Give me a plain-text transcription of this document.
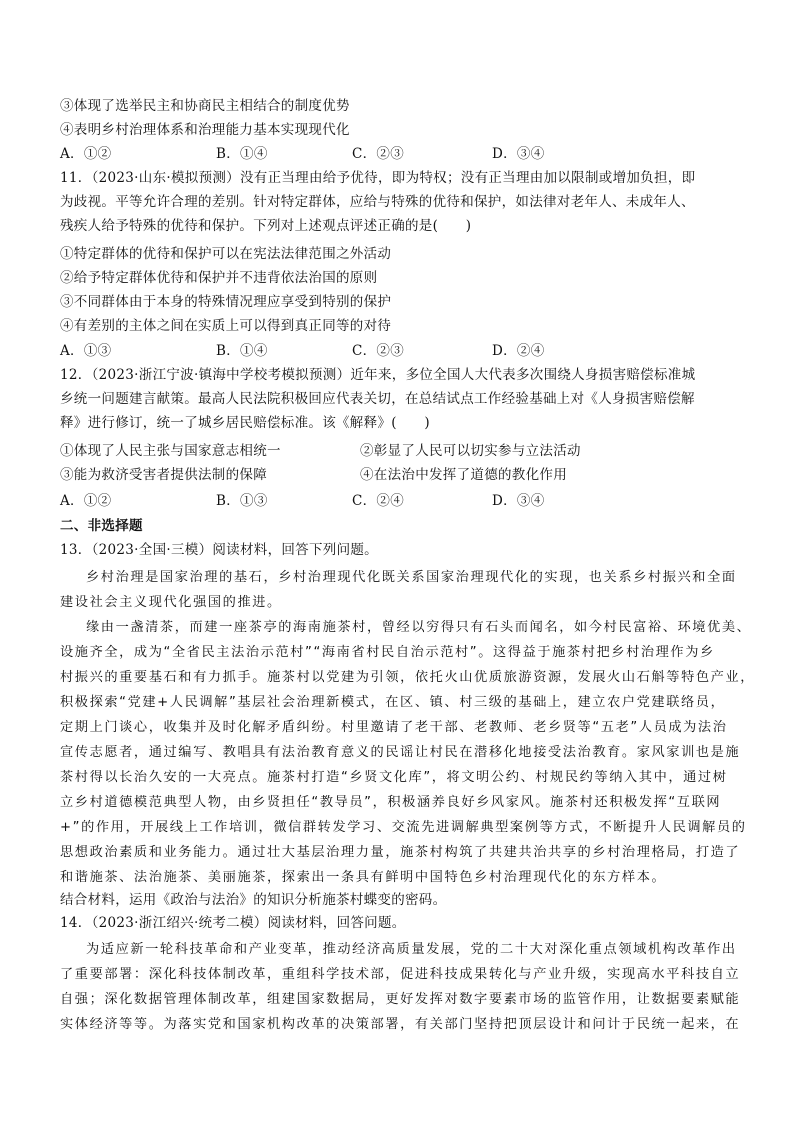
③体现了选举民主和协商民主相结合的制度优势
④表明乡村治理体系和治理能力基本实现现代化
A．①②	B．①④	C．②③	D．③④
11．（2023·山东·模拟预测）没有正当理由给予优待，即为特权；没有正当理由加以限制或增加负担，即
为歧视。平等允许合理的差别。针对特定群体，应给与特殊的优待和保护，如法律对老年人、未成年人、
残疾人给予特殊的优待和保护。下列对上述观点评述正确的是(　　)
①特定群体的优待和保护可以在宪法法律范围之外活动
②给予特定群体优待和保护并不违背依法治国的原则
③不同群体由于本身的特殊情况理应享受到特别的保护
④有差别的主体之间在实质上可以得到真正同等的对待
A．①③	B．①④	C．②③	D．②④
12．（2023·浙江宁波·镇海中学校考模拟预测）近年来，多位全国人大代表多次围绕人身损害赔偿标准城
乡统一问题建言献策。最高人民法院积极回应代表关切，在总结试点工作经验基础上对《人身损害赔偿解
释》进行修订，统一了城乡居民赔偿标准。该《解释》(　　)
①体现了人民主张与国家意志相统一	②彰显了人民可以切实参与立法活动
③能为救济受害者提供法制的保障	④在法治中发挥了道德的教化作用
A．①②	B．①③	C．②④	D．③④
二、非选择题
13．（2023·全国·三模）阅读材料，回答下列问题。
乡村治理是国家治理的基石，乡村治理现代化既关系国家治理现代化的实现，也关系乡村振兴和全面
建设社会主义现代化强国的推进。
缘由一盏清茶，而建一座茶亭的海南施茶村，曾经以穷得只有石头而闻名，如今村民富裕、环境优美、
设施齐全，成为“全省民主法治示范村”“海南省村民自治示范村”。这得益于施茶村把乡村治理作为乡
村振兴的重要基石和有力抓手。施茶村以党建为引领，依托火山优质旅游资源，发展火山石斛等特色产业，
积极探索“党建+人民调解”基层社会治理新模式，在区、镇、村三级的基础上，建立农户党建联络员，
定期上门谈心，收集并及时化解矛盾纠纷。村里邀请了老干部、老教师、老乡贤等“五老”人员成为法治
宣传志愿者，通过编写、教唱具有法治教育意义的民谣让村民在潜移化地接受法治教育。家风家训也是施
茶村得以长治久安的一大亮点。施茶村打造“乡贤文化库”，将文明公约、村规民约等纳入其中，通过树
立乡村道德模范典型人物，由乡贤担任“教导员”，积极涵养良好乡风家风。施茶村还积极发挥“互联网
+”的作用，开展线上工作培训，微信群转发学习、交流先进调解典型案例等方式，不断提升人民调解员的
思想政治素质和业务能力。通过壮大基层治理力量，施茶村构筑了共建共治共享的乡村治理格局，打造了
和谐施茶、法治施茶、美丽施茶，探索出一条具有鲜明中国特色乡村治理现代化的东方样本。
结合材料，运用《政治与法治》的知识分析施茶村蝶变的密码。
14．（2023·浙江绍兴·统考二模）阅读材料，回答问题。
为适应新一轮科技革命和产业变革，推动经济高质量发展，党的二十大对深化重点领域机构改革作出
了重要部署：深化科技体制改革，重组科学技术部，促进科技成果转化与产业升级，实现高水平科技自立
自强；深化数据管理体制改革，组建国家数据局，更好发挥对数字要素市场的监管作用，让数据要素赋能
实体经济等等。为落实党和国家机构改革的决策部署，有关部门坚持把顶层设计和问计于民统一起来，在
